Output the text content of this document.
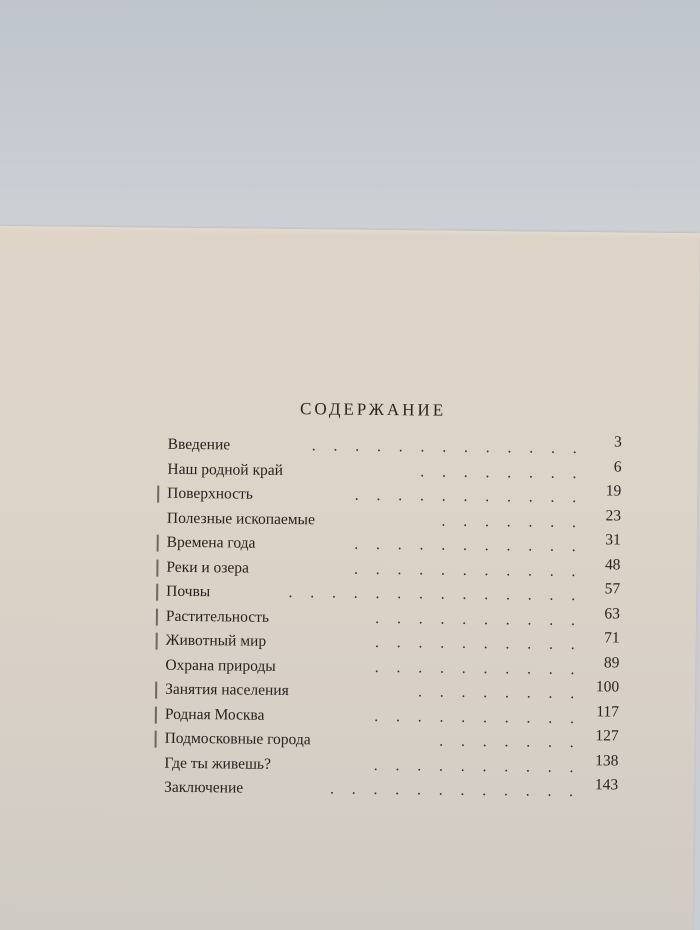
СОДЕРЖАНИЕ
Введение	. . . . . . . . . . . . .	3
Наш родной край	. . . . . . . .	6
Поверхность	. . . . . . . . . . .	19
Полезные ископаемые	. . . . . . .	23
Времена года	. . . . . . . . . . .	31
Реки и озера	. . . . . . . . . . .	48
Почвы	. . . . . . . . . . . . . .	57
Растительность	. . . . . . . . . .	63
Животный мир	. . . . . . . . . .	71
Охрана природы	. . . . . . . . . .	89
Занятия населения	. . . . . . . . 100
Родная Москва	. . . . . . . . . . 117
Подмосковные города	. . . . . . . 127
Где ты живешь?	. . . . . . . . . . 138
Заключение	. . . . . . . . . . . . 143
